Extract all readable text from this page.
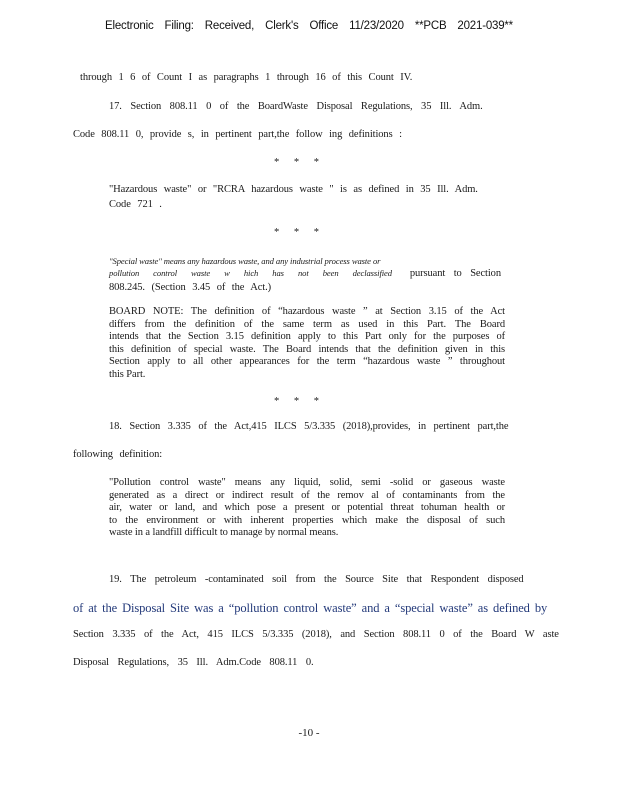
Electronic Filing: Received, Clerk's Office 11/23/2020 **PCB 2021-039**
through 1 6 of Count I as paragraphs 1 through 16 of this Count IV.
17. Section 808.11 0 of the BoardWaste Disposal Regulations, 35 Ill. Adm.
Code 808.11 0, provide s, in pertinent part,the follow ing definitions :
* * *
"Hazardous waste" or "RCRA hazardous waste " is as defined in 35 Ill. Adm.
Code 721 .
* * *
"Special waste" means any hazardous waste, and any industrial process waste or
pollution control waste w hich has not been declassified pursuant to Section
808.245. (Section 3.45 of the Act.)

BOARD NOTE: The definition of “hazardous waste ” at Section 3.15 of the Act

differs from the definition of the same term as used in this Part. The Board

intends that the Section 3.15 definition apply to this Part only for the purposes of

this definition of special waste. The Board intends that the definition given in this

Section apply to all other appearances for the term “hazardous waste ” throughout

this Part.

* * *
18. Section 3.335 of the Act,415 ILCS 5/3.335 (2018),provides, in pertinent part,the
following definition:

"Pollution control waste" means any liquid, solid, semi -solid or gaseous waste

generated as a direct or indirect result of the remov al of contaminants from the

air, water or land, and which pose a present or potential threat tohuman health or

to the environment or with inherent properties which make the disposal of such

waste in a landfill difficult to manage by normal means.

19. The petroleum -contaminated soil from the Source Site that Respondent disposed
of at the Disposal Site was a “pollution control waste” and a “special waste” as defined by
Section 3.335 of the Act, 415 ILCS 5/3.335 (2018), and Section 808.11 0 of the Board W aste
Disposal Regulations, 35 Ill. Adm.Code 808.11 0.
-10 -
